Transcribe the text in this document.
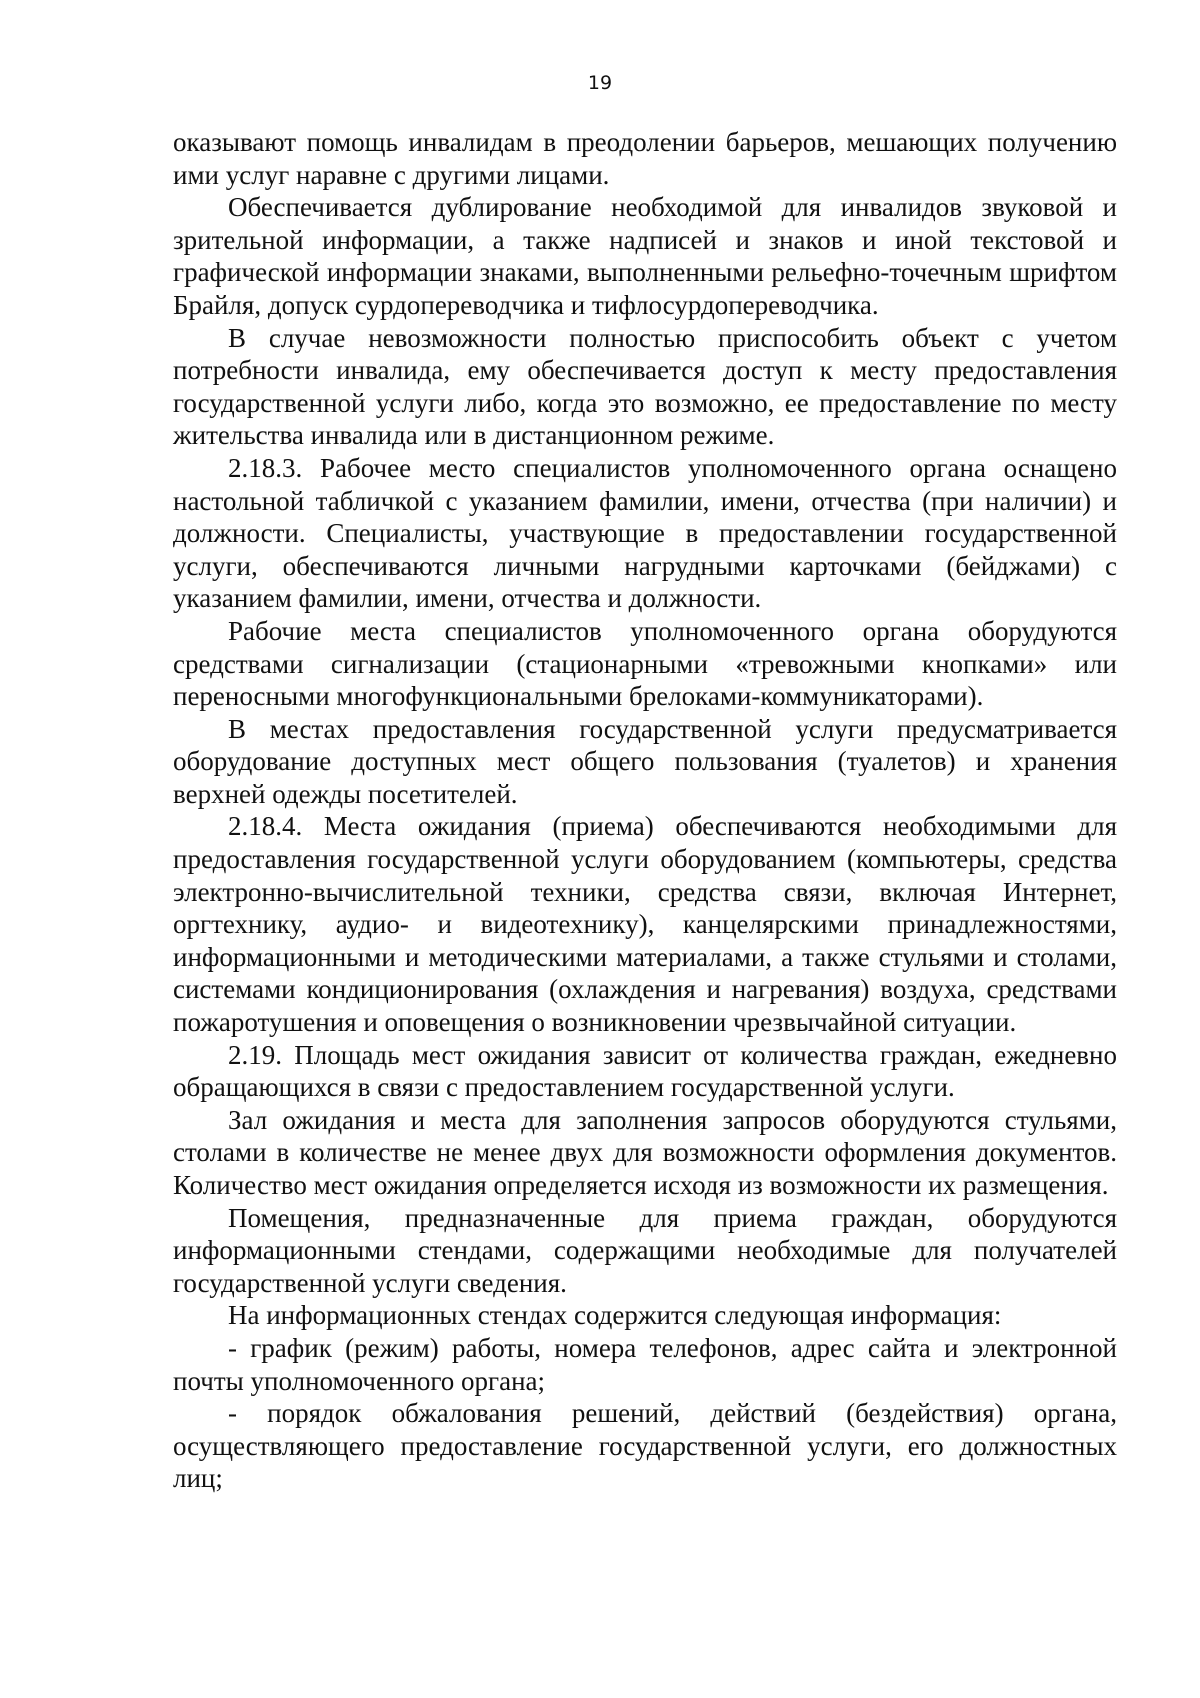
19

оказывают помощь инвалидам в преодолении барьеров, мешающих получению ими услуг наравне с другими лицами.

Обеспечивается дублирование необходимой для инвалидов звуковой и зрительной информации, а также надписей и знаков и иной текстовой и графической информации знаками, выполненными рельефно-точечным шрифтом Брайля, допуск сурдопереводчика и тифлосурдопереводчика.

В случае невозможности полностью приспособить объект с учетом потребности инвалида, ему обеспечивается доступ к месту предоставления государственной услуги либо, когда это возможно, ее предоставление по месту жительства инвалида или в дистанционном режиме.

2.18.3. Рабочее место специалистов уполномоченного органа оснащено настольной табличкой с указанием фамилии, имени, отчества (при наличии) и должности. Специалисты, участвующие в предоставлении государственной услуги, обеспечиваются личными нагрудными карточками (бейджами) с указанием фамилии, имени, отчества и должности.

Рабочие места специалистов уполномоченного органа оборудуются средствами сигнализации (стационарными «тревожными кнопками» или переносными многофункциональными брелоками-коммуникаторами).

В местах предоставления государственной услуги предусматривается оборудование доступных мест общего пользования (туалетов) и хранения верхней одежды посетителей.

2.18.4. Места ожидания (приема) обеспечиваются необходимыми для предоставления государственной услуги оборудованием (компьютеры, средства электронно-вычислительной техники, средства связи, включая Интернет, оргтехнику, аудио- и видеотехнику), канцелярскими принадлежностями, информационными и методическими материалами, а также стульями и столами, системами кондиционирования (охлаждения и нагревания) воздуха, средствами пожаротушения и оповещения о возникновении чрезвычайной ситуации.

2.19. Площадь мест ожидания зависит от количества граждан, ежедневно обращающихся в связи с предоставлением государственной услуги.

Зал ожидания и места для заполнения запросов оборудуются стульями, столами в количестве не менее двух для возможности оформления документов. Количество мест ожидания определяется исходя из возможности их размещения.

Помещения, предназначенные для приема граждан, оборудуются информационными стендами, содержащими необходимые для получателей государственной услуги сведения.

На информационных стендах содержится следующая информация:

- график (режим) работы, номера телефонов, адрес сайта и электронной почты уполномоченного органа;

- порядок обжалования решений, действий (бездействия) органа, осуществляющего предоставление государственной услуги, его должностных лиц;
